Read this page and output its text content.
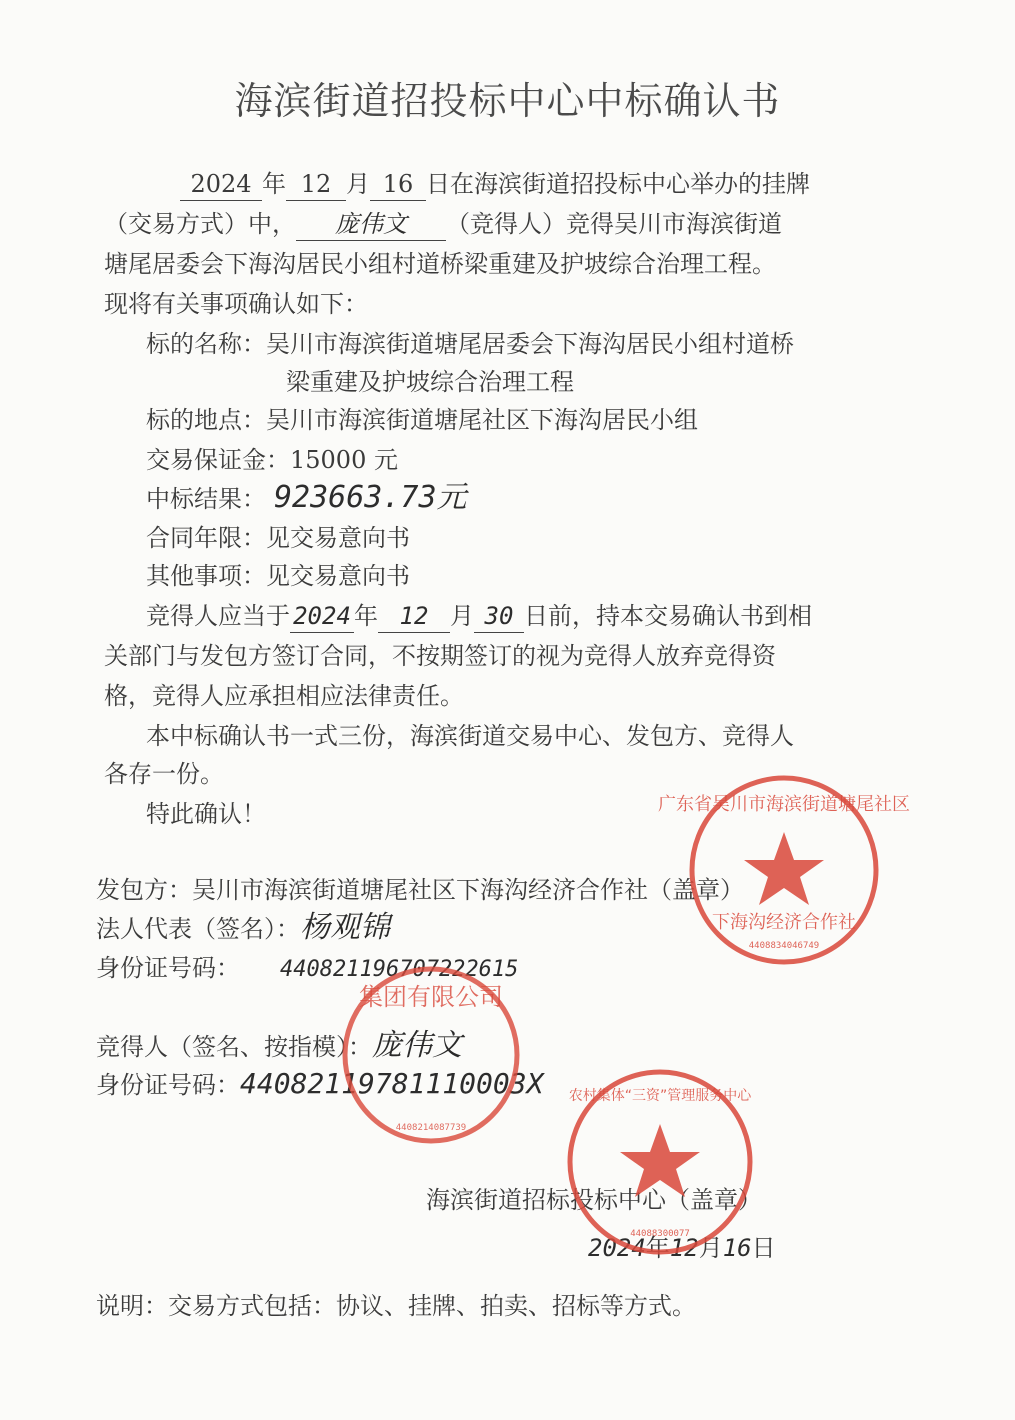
海滨街道招投标中心中标确认书
2024 年 12 月 16 日在海滨街道招投标中心举办的挂牌
（交易方式）中， 庞伟文 （竞得人）竞得吴川市海滨街道
塘尾居委会下海沟居民小组村道桥梁重建及护坡综合治理工程。
现将有关事项确认如下：
标的名称：吴川市海滨街道塘尾居委会下海沟居民小组村道桥
梁重建及护坡综合治理工程
标的地点：吴川市海滨街道塘尾社区下海沟居民小组
交易保证金：15000 元
中标结果： 923663.73元
合同年限：见交易意向书
其他事项：见交易意向书
竞得人应当于 2024 年 12 月 30 日前，持本交易确认书到相
关部门与发包方签订合同，不按期签订的视为竞得人放弃竞得资
格，竞得人应承担相应法律责任。
本中标确认书一式三份，海滨街道交易中心、发包方、竞得人
各存一份。
特此确认！
发包方：吴川市海滨街道塘尾社区下海沟经济合作社（盖章）
法人代表（签名）：杨观锦
身份证号码： 440821196707222615
竞得人（签名、按指模）：庞伟文
身份证号码：44082119781110003X
海滨街道招标投标中心（盖章）
2024年12月16日
说明：交易方式包括：协议、挂牌、拍卖、招标等方式。
广东省吴川市海滨街道塘尾社区
下海沟经济合作社
4408834046749
集团有限公司
4408214087739
农村集体“三资”管理服务中心
44088300077
